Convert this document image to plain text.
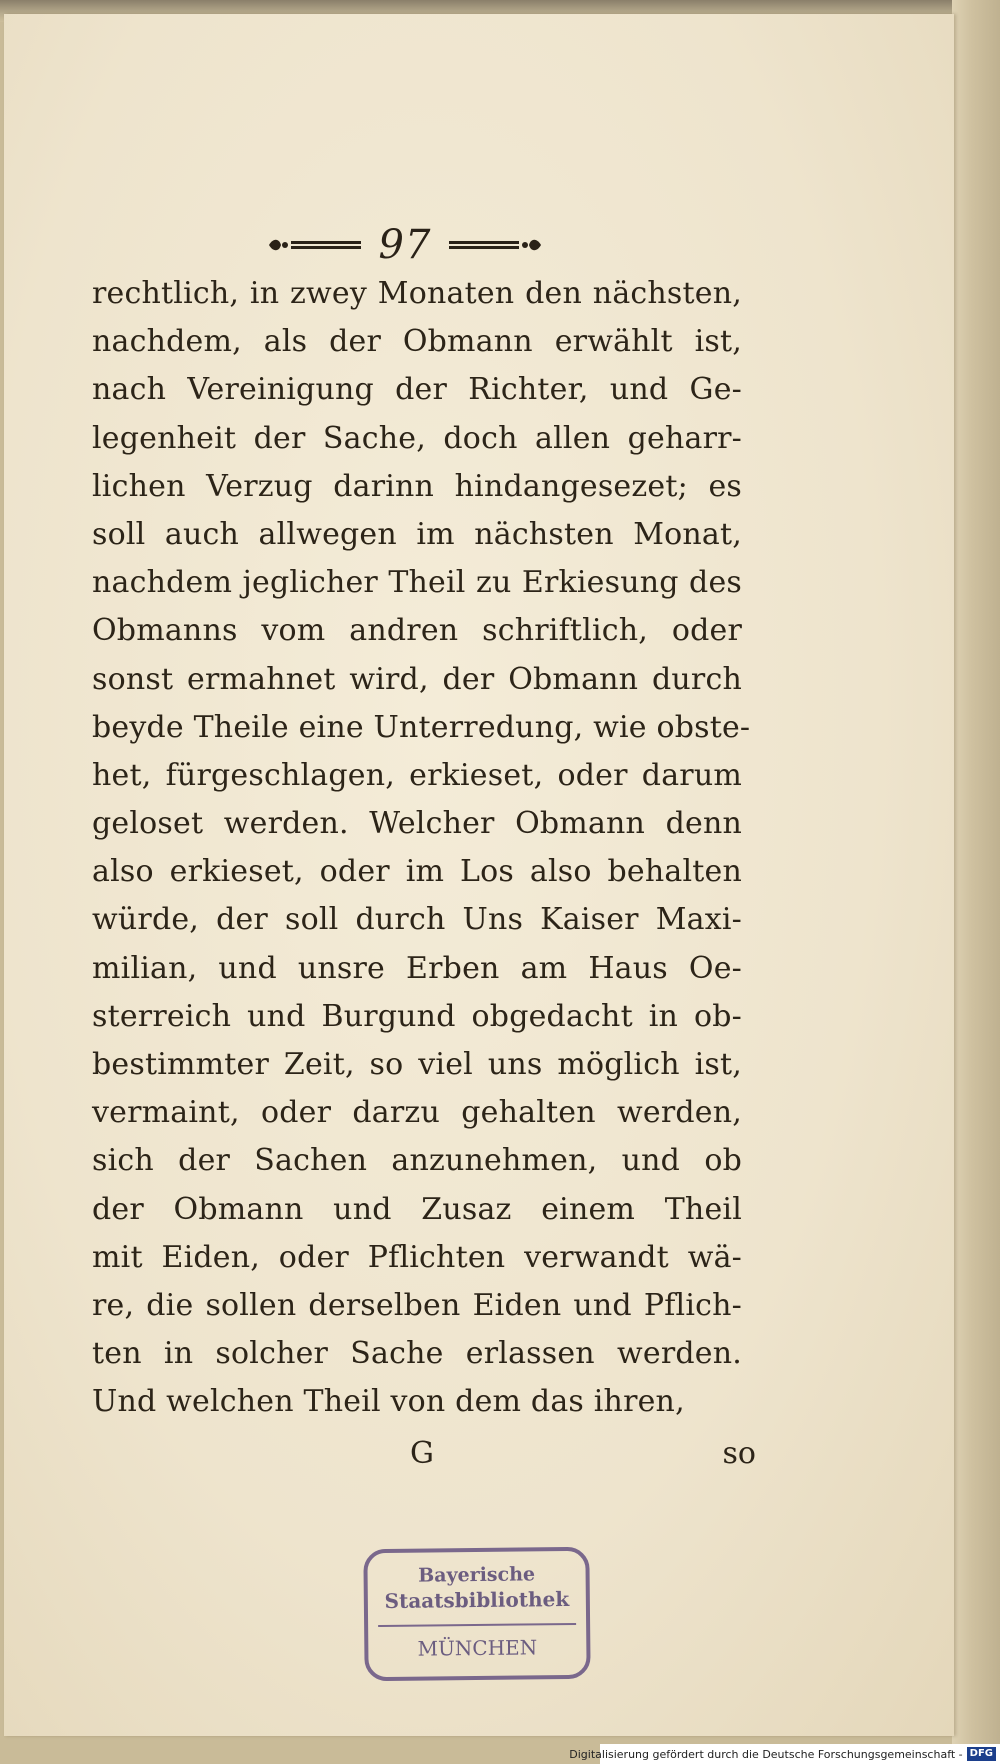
97
rechtlich, in zwey Monaten den nächsten,
nachdem, als der Obmann erwählt ist,
nach Vereinigung der Richter, und Ge-
legenheit der Sache, doch allen geharr-
lichen Verzug darinn hindangesezet; es
soll auch allwegen im nächsten Monat,
nachdem jeglicher Theil zu Erkiesung des
Obmanns vom andren schriftlich, oder
sonst ermahnet wird, der Obmann durch
beyde Theile eine Unterredung, wie obste-
het, fürgeschlagen, erkieset, oder darum
geloset werden. Welcher Obmann denn
also erkieset, oder im Los also behalten
würde, der soll durch Uns Kaiser Maxi-
milian, und unsre Erben am Haus Oe-
sterreich und Burgund obgedacht in ob-
bestimmter Zeit, so viel uns möglich ist,
vermaint, oder darzu gehalten werden,
sich der Sachen anzunehmen, und ob
der Obmann und Zusaz einem Theil
mit Eiden, oder Pflichten verwandt wä-
re, die sollen derselben Eiden und Pflich-
ten in solcher Sache erlassen werden.
Und welchen Theil von dem das ihren,
G	so
Bayerische
Staatsbibliothek
MÜNCHEN
Digitalisierung gefördert durch die Deutsche Forschungsgemeinschaft - DFG
